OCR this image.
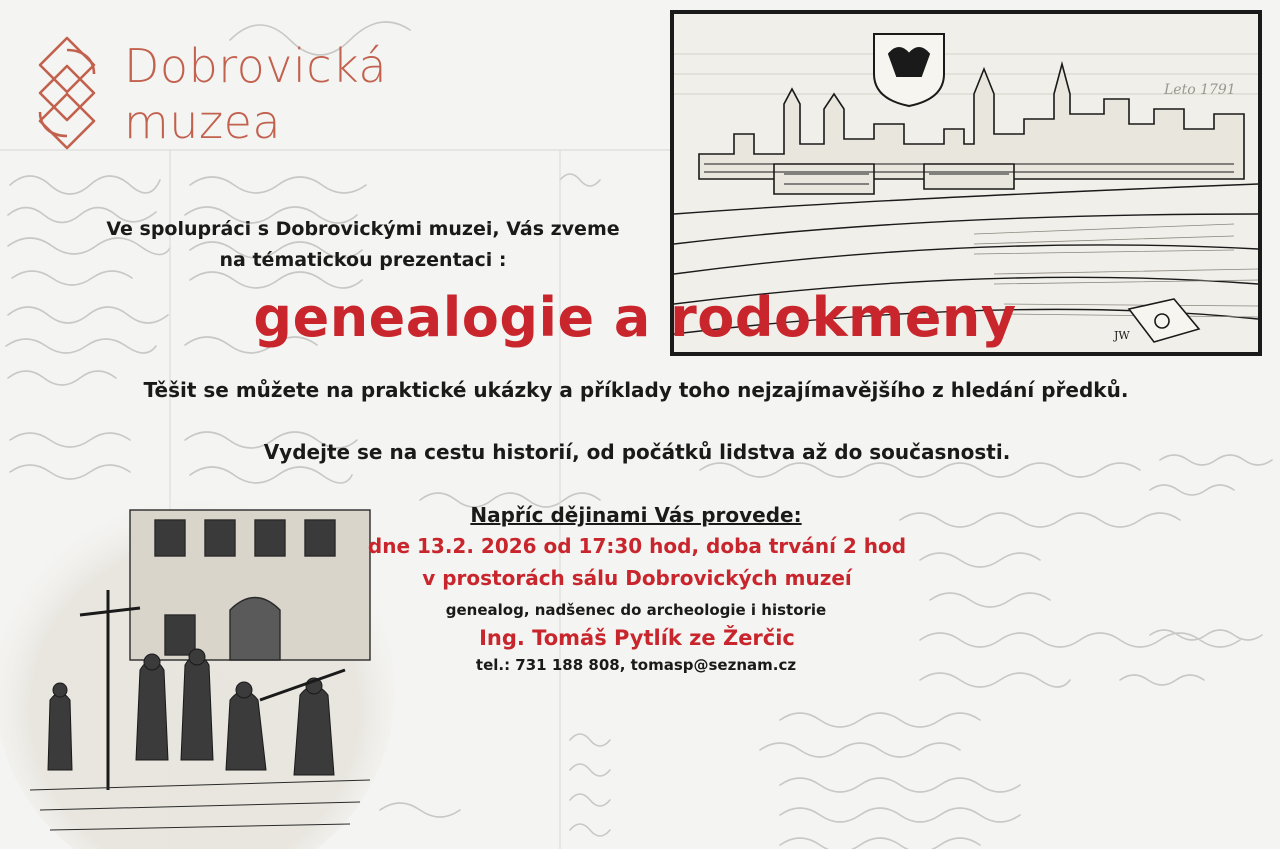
Dobrovická
muzea
JW
Leto 1791
Ve spolupráci s Dobrovickými muzei, Vás zveme
na tématickou prezentaci :
genealogie a rodokmeny
Těšit se můžete na praktické ukázky a příklady toho nejzajímavějšího z hledání předků.
Vydejte se na cestu historií, od počátků lidstva až do současnosti.
Napříc dějinami Vás provede:
dne 13.2. 2026 od 17:30 hod, doba trvání 2 hod
v prostorách sálu Dobrovických muzeí
genealog, nadšenec do archeologie i historie
Ing. Tomáš Pytlík ze Žerčic
tel.: 731 188 808, tomasp@seznam.cz
